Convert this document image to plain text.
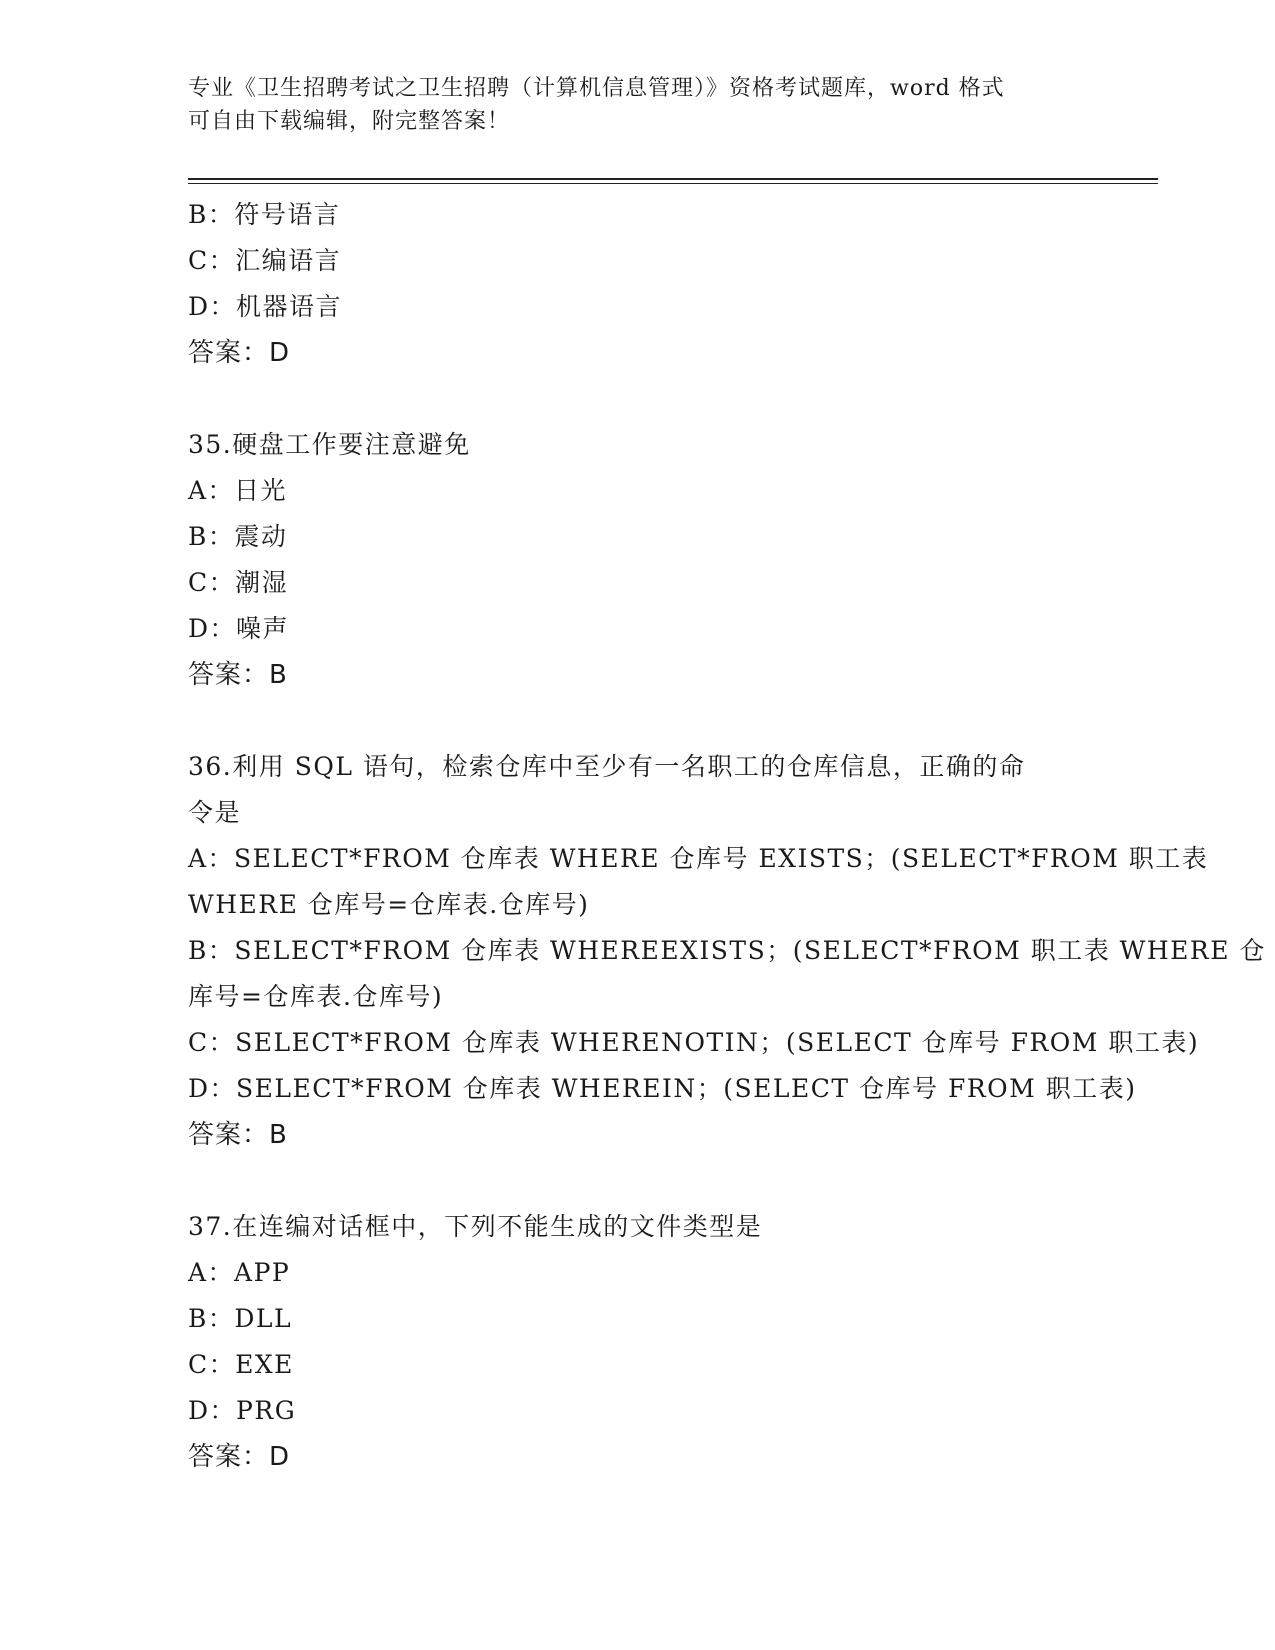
专业《卫生招聘考试之卫生招聘（计算机信息管理）》资格考试题库，word 格式
可自由下载编辑，附完整答案！
B：符号语言
C：汇编语言
D：机器语言
答案：D
35.硬盘工作要注意避免
A：日光
B：震动
C：潮湿
D：噪声
答案：B
36.利用 SQL 语句，检索仓库中至少有一名职工的仓库信息，正确的命
令是
A：SELECT*FROM 仓库表 WHERE 仓库号 EXISTS；(SELECT*FROM 职工表
WHERE 仓库号=仓库表.仓库号)
B：SELECT*FROM 仓库表 WHEREEXISTS；(SELECT*FROM 职工表 WHERE 仓
库号=仓库表.仓库号)
C：SELECT*FROM 仓库表 WHERENOTIN；(SELECT 仓库号 FROM 职工表)
D：SELECT*FROM 仓库表 WHEREIN；(SELECT 仓库号 FROM 职工表)
答案：B
37.在连编对话框中，下列不能生成的文件类型是
A：APP
B：DLL
C：EXE
D：PRG
答案：D
